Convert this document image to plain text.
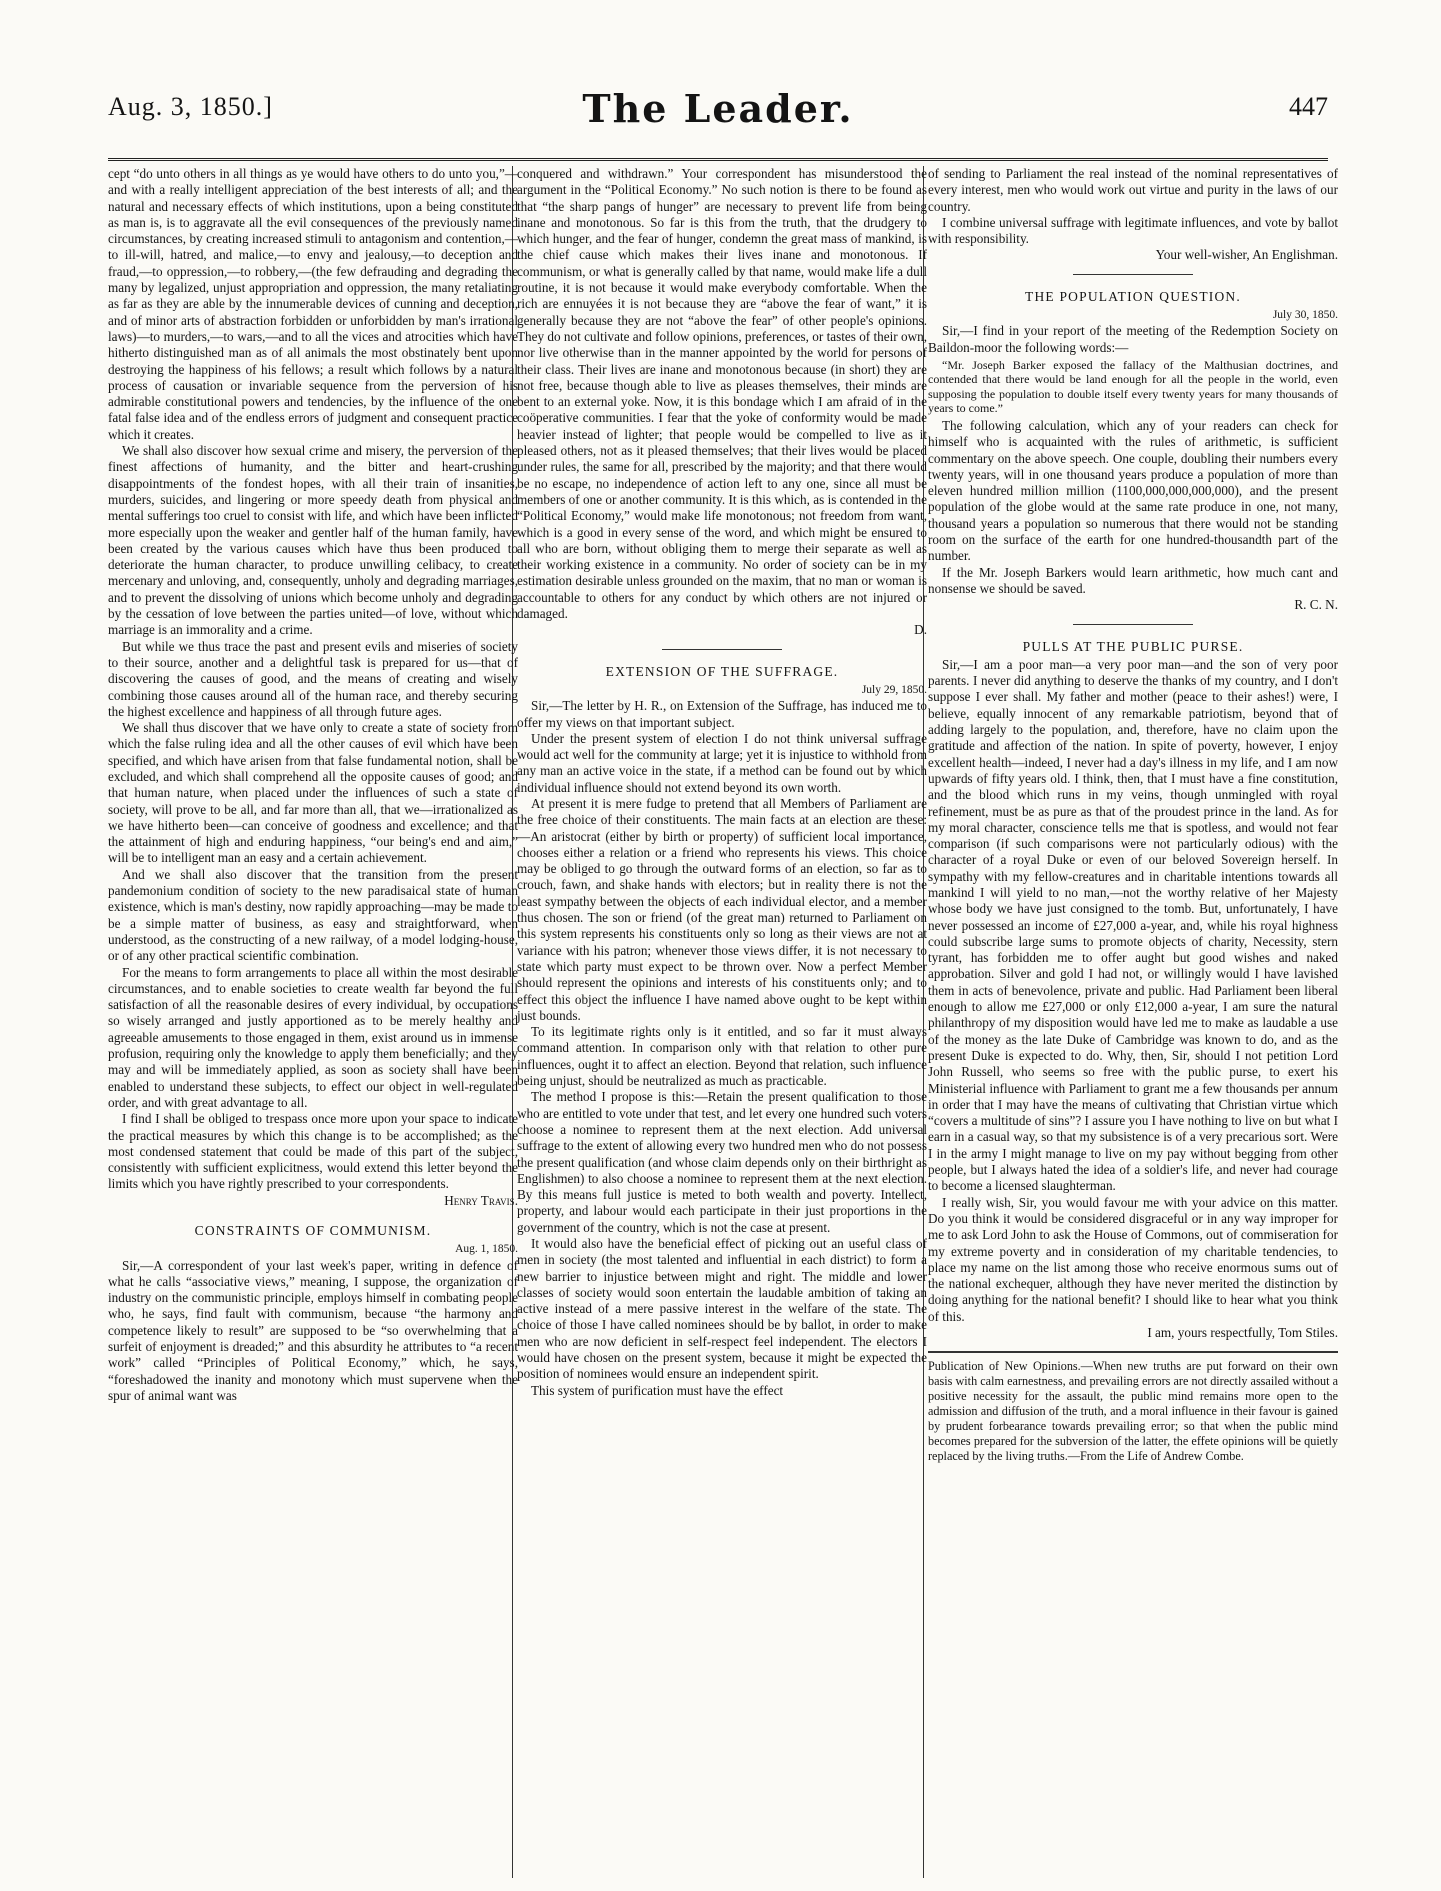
Aug. 3, 1850.]	The Leader.	447

cept “do unto others in all things as ye would have others to do unto you,”—and with a really intelligent appreciation of the best interests of all; and the natural and necessary effects of which institutions, upon a being constituted as man is, is to aggravate all the evil consequences of the previously named circumstances, by creating increased stimuli to antagonism and contention,—to ill-will, hatred, and malice,—to envy and jealousy,—to deception and fraud,—to oppression,—to robbery,—(the few defrauding and degrading the many by legalized, unjust appropriation and oppression, the many retaliating as far as they are able by the innumerable devices of cunning and deception, and of minor arts of abstraction forbidden or unforbidden by man's irrational laws)—to murders,—to wars,—and to all the vices and atrocities which have hitherto distinguished man as of all animals the most obstinately bent upon destroying the happiness of his fellows; a result which follows by a natural process of causation or invariable sequence from the perversion of his admirable constitutional powers and tendencies, by the influence of the one fatal false idea and of the endless errors of judgment and consequent practice which it creates.

We shall also discover how sexual crime and misery, the perversion of the finest affections of humanity, and the bitter and heart-crushing disappointments of the fondest hopes, with all their train of insanities, murders, suicides, and lingering or more speedy death from physical and mental sufferings too cruel to consist with life, and which have been inflicted more especially upon the weaker and gentler half of the human family, have been created by the various causes which have thus been produced to deteriorate the human character, to produce unwilling celibacy, to create mercenary and unloving, and, consequently, unholy and degrading marriages, and to prevent the dissolving of unions which become unholy and degrading by the cessation of love between the parties united—of love, without which marriage is an immorality and a crime.

But while we thus trace the past and present evils and miseries of society to their source, another and a delightful task is prepared for us—that of discovering the causes of good, and the means of creating and wisely combining those causes around all of the human race, and thereby securing the highest excellence and happiness of all through future ages.

We shall thus discover that we have only to create a state of society from which the false ruling idea and all the other causes of evil which have been specified, and which have arisen from that false fundamental notion, shall be excluded, and which shall comprehend all the opposite causes of good; and that human nature, when placed under the influences of such a state of society, will prove to be all, and far more than all, that we—irrationalized as we have hitherto been—can conceive of goodness and excellence; and that the attainment of high and enduring happiness, “our being's end and aim,” will be to intelligent man an easy and a certain achievement.

And we shall also discover that the transition from the present pandemonium condition of society to the new paradisaical state of human existence, which is man's destiny, now rapidly approaching—may be made to be a simple matter of business, as easy and straightforward, when understood, as the constructing of a new railway, of a model lodging-house, or of any other practical scientific combination.

For the means to form arrangements to place all within the most desirable circumstances, and to enable societies to create wealth far beyond the full satisfaction of all the reasonable desires of every individual, by occupations so wisely arranged and justly apportioned as to be merely healthy and agreeable amusements to those engaged in them, exist around us in immense profusion, requiring only the knowledge to apply them beneficially; and they may and will be immediately applied, as soon as society shall have been enabled to understand these subjects, to effect our object in well-regulated order, and with great advantage to all.

I find I shall be obliged to trespass once more upon your space to indicate the practical measures by which this change is to be accomplished; as the most condensed statement that could be made of this part of the subject, consistently with sufficient explicitness, would extend this letter beyond the limits which you have rightly prescribed to your correspondents.

Henry Travis.

CONSTRAINTS OF COMMUNISM.

Aug. 1, 1850.

Sir,—A correspondent of your last week's paper, writing in defence of what he calls “associative views,” meaning, I suppose, the organization of industry on the communistic principle, employs himself in combating people who, he says, find fault with communism, because “the harmony and competence likely to result” are supposed to be “so overwhelming that a surfeit of enjoyment is dreaded;” and this absurdity he attributes to “a recent work” called “Principles of Political Economy,” which, he says, “foreshadowed the inanity and monotony which must supervene when the spur of animal want was

conquered and withdrawn.” Your correspondent has misunderstood the argument in the “Political Economy.” No such notion is there to be found as that “the sharp pangs of hunger” are necessary to prevent life from being inane and monotonous. So far is this from the truth, that the drudgery to which hunger, and the fear of hunger, condemn the great mass of mankind, is the chief cause which makes their lives inane and monotonous. If communism, or what is generally called by that name, would make life a dull routine, it is not because it would make everybody comfortable. When the rich are ennuyées it is not because they are “above the fear of want,” it is generally because they are not “above the fear” of other people's opinions. They do not cultivate and follow opinions, preferences, or tastes of their own, nor live otherwise than in the manner appointed by the world for persons of their class. Their lives are inane and monotonous because (in short) they are not free, because though able to live as pleases themselves, their minds are bent to an external yoke. Now, it is this bondage which I am afraid of in the coöperative communities. I fear that the yoke of conformity would be made heavier instead of lighter; that people would be compelled to live as it pleased others, not as it pleased themselves; that their lives would be placed under rules, the same for all, prescribed by the majority; and that there would be no escape, no independence of action left to any one, since all must be members of one or another community. It is this which, as is contended in the “Political Economy,” would make life monotonous; not freedom from want, which is a good in every sense of the word, and which might be ensured to all who are born, without obliging them to merge their separate as well as their working existence in a community. No order of society can be in my estimation desirable unless grounded on the maxim, that no man or woman is accountable to others for any conduct by which others are not injured or damaged.

D.

EXTENSION OF THE SUFFRAGE.

July 29, 1850.

Sir,—The letter by H. R., on Extension of the Suffrage, has induced me to offer my views on that important subject.

Under the present system of election I do not think universal suffrage would act well for the community at large; yet it is injustice to withhold from any man an active voice in the state, if a method can be found out by which individual influence should not extend beyond its own worth.

At present it is mere fudge to pretend that all Members of Parliament are the free choice of their constituents. The main facts at an election are these:—An aristocrat (either by birth or property) of sufficient local importance, chooses either a relation or a friend who represents his views. This choice may be obliged to go through the outward forms of an election, so far as to crouch, fawn, and shake hands with electors; but in reality there is not the least sympathy between the objects of each individual elector, and a member thus chosen. The son or friend (of the great man) returned to Parliament on this system represents his constituents only so long as their views are not at variance with his patron; whenever those views differ, it is not necessary to state which party must expect to be thrown over. Now a perfect Member should represent the opinions and interests of his constituents only; and to effect this object the influence I have named above ought to be kept within just bounds.

To its legitimate rights only is it entitled, and so far it must always command attention. In comparison only with that relation to other pure influences, ought it to affect an election. Beyond that relation, such influence being unjust, should be neutralized as much as practicable.

The method I propose is this:—Retain the present qualification to those who are entitled to vote under that test, and let every one hundred such voters choose a nominee to represent them at the next election. Add universal suffrage to the extent of allowing every two hundred men who do not possess the present qualification (and whose claim depends only on their birthright as Englishmen) to also choose a nominee to represent them at the next election. By this means full justice is meted to both wealth and poverty. Intellect, property, and labour would each participate in their just proportions in the government of the country, which is not the case at present.

It would also have the beneficial effect of picking out an useful class of men in society (the most talented and influential in each district) to form a new barrier to injustice between might and right. The middle and lower classes of society would soon entertain the laudable ambition of taking an active instead of a mere passive interest in the welfare of the state. The choice of those I have called nominees should be by ballot, in order to make men who are now deficient in self-respect feel independent. The electors I would have chosen on the present system, because it might be expected the position of nominees would ensure an independent spirit.

This system of purification must have the effect

of sending to Parliament the real instead of the nominal representatives of every interest, men who would work out virtue and purity in the laws of our country.

I combine universal suffrage with legitimate influences, and vote by ballot with responsibility.

Your well-wisher, An Englishman.

THE POPULATION QUESTION.

July 30, 1850.

Sir,—I find in your report of the meeting of the Redemption Society on Baildon-moor the following words:—

“Mr. Joseph Barker exposed the fallacy of the Malthusian doctrines, and contended that there would be land enough for all the people in the world, even supposing the population to double itself every twenty years for many thousands of years to come.”

The following calculation, which any of your readers can check for himself who is acquainted with the rules of arithmetic, is sufficient commentary on the above speech. One couple, doubling their numbers every twenty years, will in one thousand years produce a population of more than eleven hundred million million (1100,000,000,000,000), and the present population of the globe would at the same rate produce in one, not many, thousand years a population so numerous that there would not be standing room on the surface of the earth for one hundred-thousandth part of the number.

If the Mr. Joseph Barkers would learn arithmetic, how much cant and nonsense we should be saved.

R. C. N.

PULLS AT THE PUBLIC PURSE.

Sir,—I am a poor man—a very poor man—and the son of very poor parents. I never did anything to deserve the thanks of my country, and I don't suppose I ever shall. My father and mother (peace to their ashes!) were, I believe, equally innocent of any remarkable patriotism, beyond that of adding largely to the population, and, therefore, have no claim upon the gratitude and affection of the nation. In spite of poverty, however, I enjoy excellent health—indeed, I never had a day's illness in my life, and I am now upwards of fifty years old. I think, then, that I must have a fine constitution, and the blood which runs in my veins, though unmingled with royal refinement, must be as pure as that of the proudest prince in the land. As for my moral character, conscience tells me that is spotless, and would not fear comparison (if such comparisons were not particularly odious) with the character of a royal Duke or even of our beloved Sovereign herself. In sympathy with my fellow-creatures and in charitable intentions towards all mankind I will yield to no man,—not the worthy relative of her Majesty whose body we have just consigned to the tomb. But, unfortunately, I have never possessed an income of £27,000 a-year, and, while his royal highness could subscribe large sums to promote objects of charity, Necessity, stern tyrant, has forbidden me to offer aught but good wishes and naked approbation. Silver and gold I had not, or willingly would I have lavished them in acts of benevolence, private and public. Had Parliament been liberal enough to allow me £27,000 or only £12,000 a-year, I am sure the natural philanthropy of my disposition would have led me to make as laudable a use of the money as the late Duke of Cambridge was known to do, and as the present Duke is expected to do. Why, then, Sir, should I not petition Lord John Russell, who seems so free with the public purse, to exert his Ministerial influence with Parliament to grant me a few thousands per annum in order that I may have the means of cultivating that Christian virtue which “covers a multitude of sins”? I assure you I have nothing to live on but what I earn in a casual way, so that my subsistence is of a very precarious sort. Were I in the army I might manage to live on my pay without begging from other people, but I always hated the idea of a soldier's life, and never had courage to become a licensed slaughterman.

I really wish, Sir, you would favour me with your advice on this matter. Do you think it would be considered disgraceful or in any way improper for me to ask Lord John to ask the House of Commons, out of commiseration for my extreme poverty and in consideration of my charitable tendencies, to place my name on the list among those who receive enormous sums out of the national exchequer, although they have never merited the distinction by doing anything for the national benefit? I should like to hear what you think of this.

I am, yours respectfully, Tom Stiles.

Publication of New Opinions.—When new truths are put forward on their own basis with calm earnestness, and prevailing errors are not directly assailed without a positive necessity for the assault, the public mind remains more open to the admission and diffusion of the truth, and a moral influence in their favour is gained by prudent forbearance towards prevailing error; so that when the public mind becomes prepared for the subversion of the latter, the effete opinions will be quietly replaced by the living truths.—From the Life of Andrew Combe.
